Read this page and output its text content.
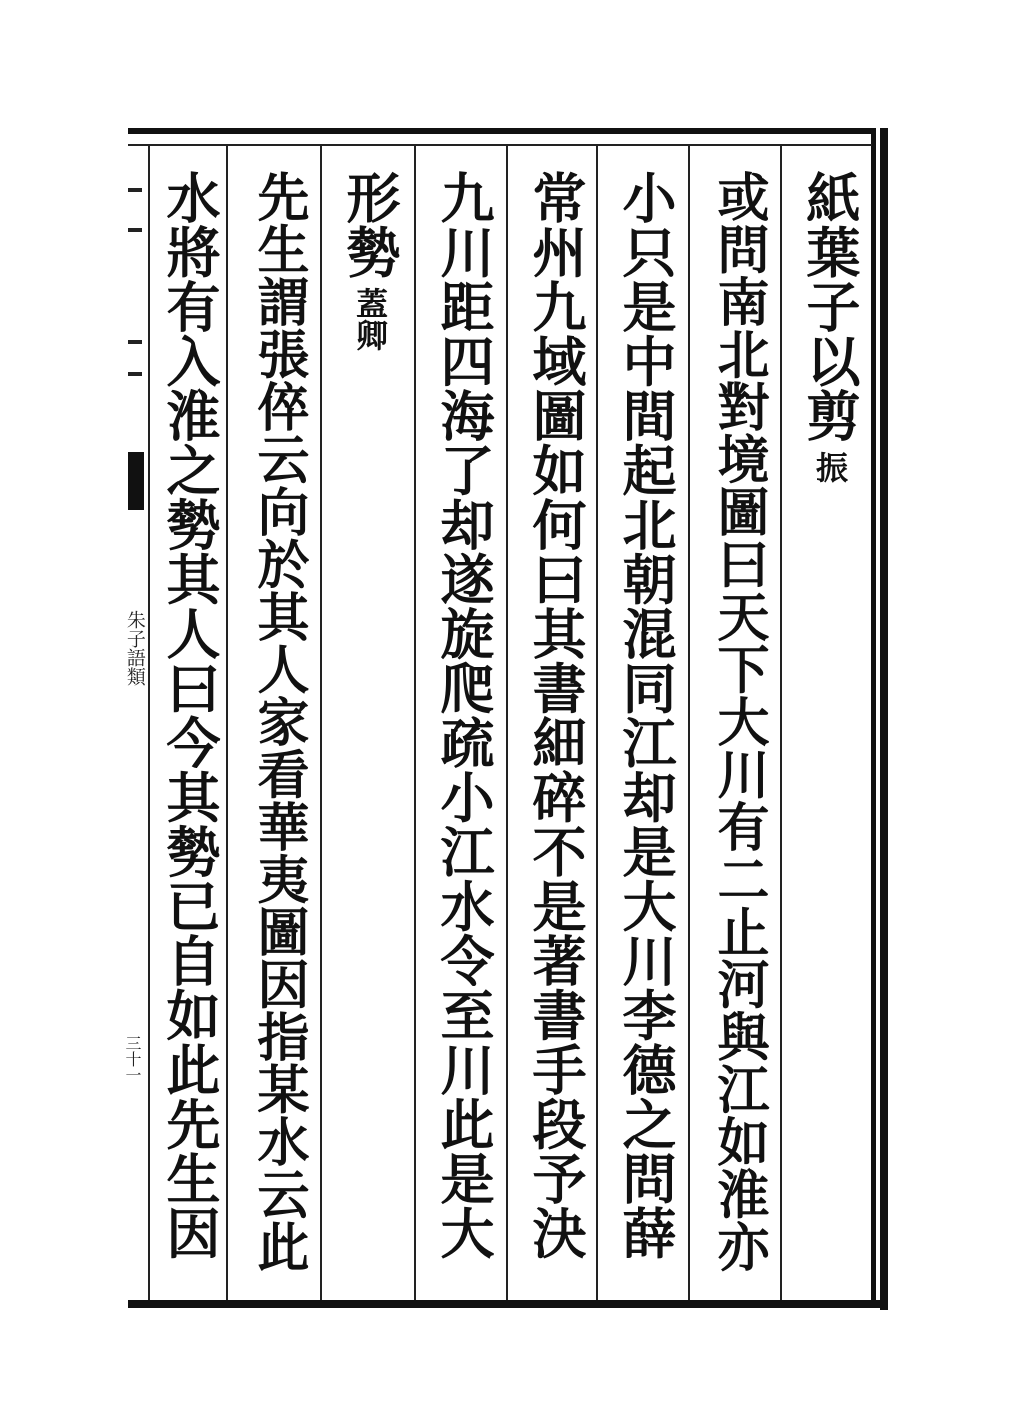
朱子語類
三十一
紙葉子以剪
振
或問南北對境圖曰天下大川有二止河與江如淮亦
小只是中間起北朝混同江却是大川李德之問薛
常州九域圖如何曰其書細碎不是著書手段予決
九川距四海了却遂旋爬疏小江水令至川此是大
形勢
蓋卿
先生謂張倅云向於其人家看華夷圖因指某水云此
水將有入淮之勢其人曰今其勢已自如此先生因
